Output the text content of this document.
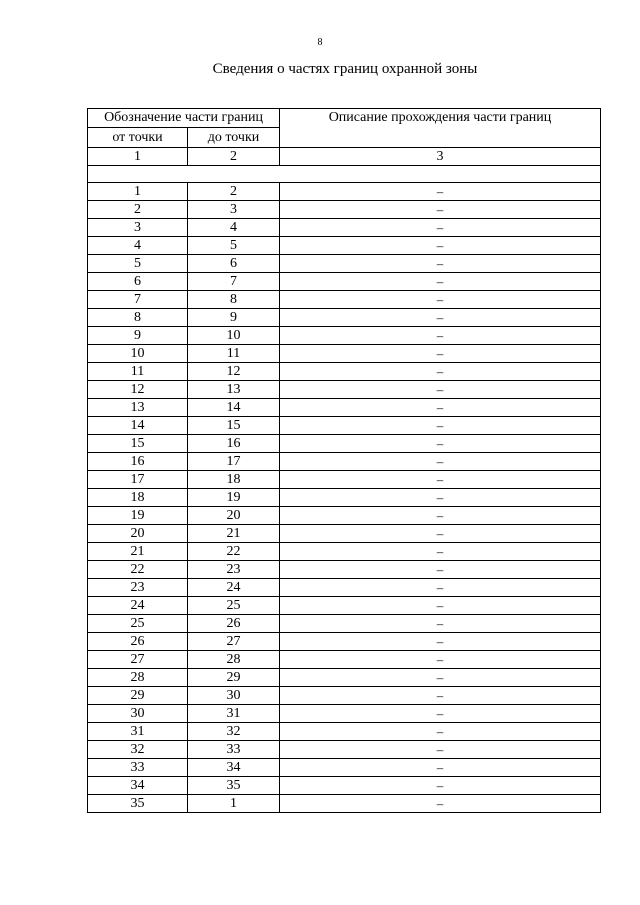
8
Сведения о частях границ охранной зоны
Обозначение части границ		Описание прохождения части границ
от точки	до точки	
1	2	3

1	2	–
2	3	–
3	4	–
4	5	–
5	6	–
6	7	–
7	8	–
8	9	–
9	10	–
10	11	–
11	12	–
12	13	–
13	14	–
14	15	–
15	16	–
16	17	–
17	18	–
18	19	–
19	20	–
20	21	–
21	22	–
22	23	–
23	24	–
24	25	–
25	26	–
26	27	–
27	28	–
28	29	–
29	30	–
30	31	–
31	32	–
32	33	–
33	34	–
34	35	–
35	1	–
